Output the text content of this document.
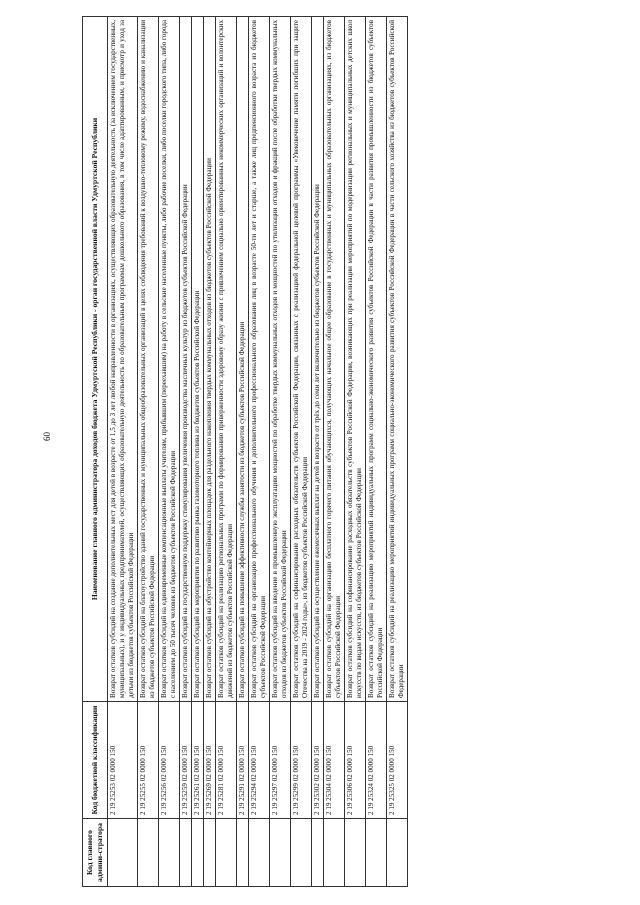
60
Код главного админи-стратора	Код бюджетной классификации	Наименование главного администратора доходов бюджета Удмуртской Республики - орган государственной власти Удмуртской Республики
	2 19 25253 02 0000 150	Возврат остатков субсидий на создание дополнительных мест для детей в возрасте от 1,5 до 3 лет любой направленности в организациях, осуществляющих образовательную деятельность (за исключением государственных, муниципальных), и у индивидуальных предпринимателей, осуществляющих образовательную деятельность по образовательным программам дошкольного образования, в том числе адаптированным, и присмотр и уход за детьми из бюджетов субъектов Российской Федерации
	2 19 25255 02 0000 150	Возврат остатков субсидий на благоустройство зданий государственных и муниципальных общеобразовательных организаций в целях соблюдения требований к воздушно-тепловому режиму, водоснабжению и канализации из бюджетов субъектов Российской Федерации
	2 19 25256 02 0000 150	Возврат остатков субсидий на единовременные компенсационные выплаты учителям, прибывшим (переехавшим) на работу в сельские населенные пункты, либо рабочие поселки, либо поселки городского типа, либо города с населением до 50 тысяч человек из бюджетов субъектов Российской Федерации
	2 19 25259 02 0000 150	Возврат остатков субсидий на государственную поддержку стимулирования увеличения производства масличных культур из бюджетов субъектов Российской Федерации
	2 19 25261 02 0000 150	Возврат остатков субсидий на мероприятия по развитию рынка газомоторного топлива из бюджетов субъектов Российской Федерации
	2 19 25269 02 0000 150	Возврат остатков субсидий на обустройство контейнерных площадок для раздельного накопления твердых коммунальных отходов из бюджетов субъектов Российской Федерации
	2 19 25281 02 0000 150	Возврат остатков субсидий на реализацию региональных программ по формированию приверженности здоровому образу жизни с привлечением социально ориентированных некоммерческих организаций и волонтерских движений из бюджетов субъектов Российской Федерации
	2 19 25291 02 0000 150	Возврат остатков субсидий на повышение эффективности службы занятости из бюджетов субъектов Российской Федерации
	2 19 25294 02 0000 150	Возврат остатков субсидий на организацию профессионального обучения и дополнительного профессионального образования лиц в возрасте 50-ти лет и старше, а также лиц предпенсионного возраста из бюджетов субъектов Российской Федерации
	2 19 25297 02 0000 150	Возврат остатков субсидий на введение в промышленную эксплуатацию мощностей по обработке твердых коммунальных отходов и мощностей по утилизации отходов и фракций после обработки твердых коммунальных отходов из бюджетов субъектов Российской Федерации
	2 19 25299 02 0000 150	Возврат остатков субсидий на софинансирование расходных обязательств субъектов Российской Федерации, связанных с реализацией федеральной целевой программы «Увековечение памяти погибших при защите Отечества на 2019 - 2024 годы», из бюджетов субъектов Российской Федерации
	2 19 25302 02 0000 150	Возврат остатков субсидий на осуществление ежемесячных выплат на детей в возрасте от трёх до семи лет включительно из бюджетов субъектов Российской Федерации
	2 19 25304 02 0000 150	Возврат остатков субсидий на организацию бесплатного горячего питания обучающихся, получающих начальное общее образование в государственных и муниципальных образовательных организациях, из бюджетов субъектов Российской Федерации
	2 19 25306 02 0000 150	Возврат остатков субсидий на софинансирование расходных обязательств субъектов Российской Федерации, возникающих при реализации мероприятий по модернизации региональных и муниципальных детских школ искусств по видам искусств, из бюджетов субъектов Российской Федерации
	2 19 25324 02 0000 150	Возврат остатков субсидий на реализацию мероприятий индивидуальных программ социально-экономического развития субъектов Российской Федерации в части развития промышленности из бюджетов субъектов Российской Федерации
	2 19 25325 02 0000 150	Возврат остатков субсидий на реализацию мероприятий индивидуальных программ социально-экономического развития субъектов Российской Федерации в части сельского хозяйства из бюджетов субъектов Российской Федерации
